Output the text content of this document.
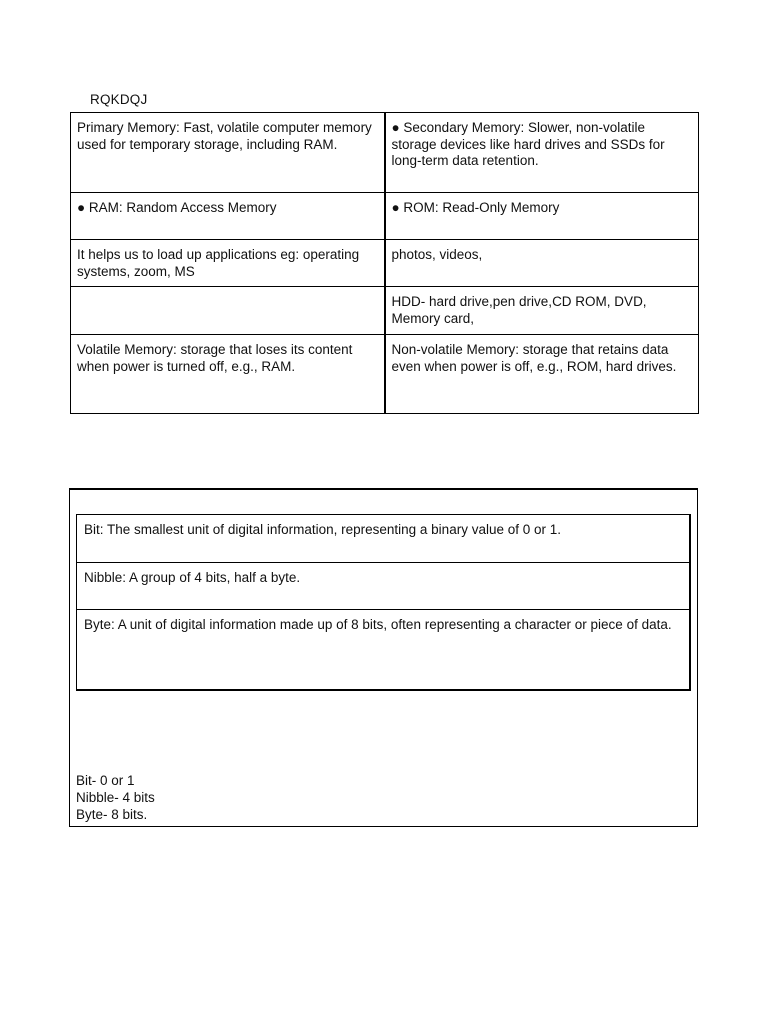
RQKDQJ
Primary Memory: Fast, volatile computer memory used for temporary storage, including RAM.	● Secondary Memory: Slower, non-volatile storage devices like hard drives and SSDs for long-term data retention.
● RAM: Random Access Memory	● ROM: Read-Only Memory
It helps us to load up applications eg: operating systems, zoom, MS	photos, videos,
	HDD- hard drive,pen drive,CD ROM, DVD, Memory card,
Volatile Memory: storage that loses its content when power is turned off, e.g., RAM.	Non-volatile Memory: storage that retains data even when power is off, e.g., ROM, hard drives.
Bit: The smallest unit of digital information, representing a binary value of 0 or 1.
Nibble: A group of 4 bits, half a byte.
Byte: A unit of digital information made up of 8 bits, often representing a character or piece of data.
Bit- 0 or 1
Nibble- 4 bits
Byte- 8 bits.
